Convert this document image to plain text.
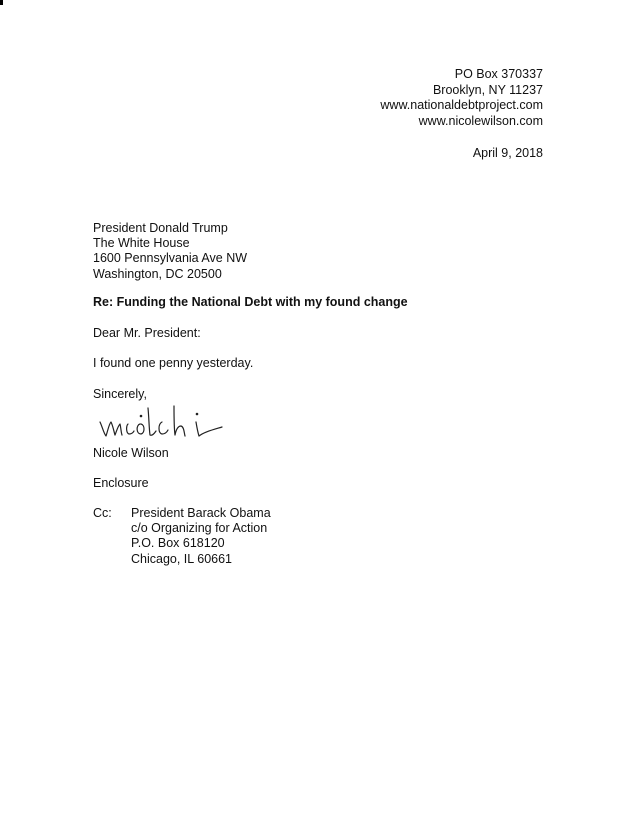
PO Box 370337
Brooklyn, NY 11237
www.nationaldebtproject.com
www.nicolewilson.com
April 9, 2018
President Donald Trump
The White House
1600 Pennsylvania Ave NW
Washington, DC 20500
Re: Funding the National Debt with my found change
Dear Mr. President:
I found one penny yesterday.
Sincerely,
Nicole Wilson
Enclosure
Cc: President Barack Obama
c/o Organizing for Action
P.O. Box 618120
Chicago, IL 60661
